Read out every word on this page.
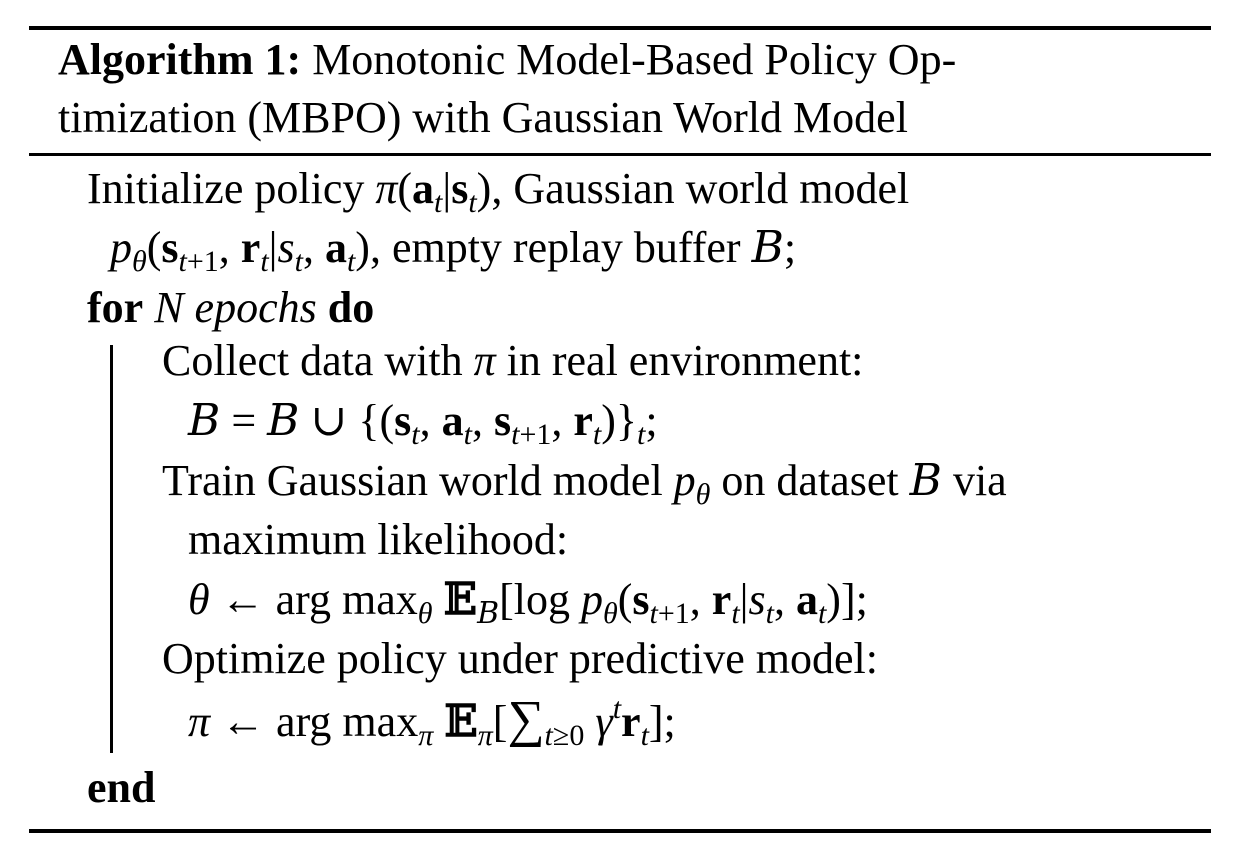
Algorithm 1: Monotonic Model-Based Policy Op-
timization (MBPO) with Gaussian World Model
Initialize policy $\pi(a_t|s_t)$, Gaussian world model
$p_\theta(s_{t+1}$, $r_t|s_t$, $a_t$), empty replay buffer B;
for N epochs do
Collect data with π in real environment:
B = B ∪ {($s_t$, $a_t$, $s_{t+1}$, $r_t)\}_t$;
Train Gaussian world model $p_\theta$ on dataset B via
maximum likelihood:
θ ← arg $\max_\theta$ 𝔼$_B$[log $p_\theta(s_{t+1}$, $r_t|s_t$, $a_t$)];
Optimize policy under predictive model:
π ← arg $\max_\pi$ $𝔼_\pi[\sum_{t\ge 0}$ $\gamma^tr_t$];
end
